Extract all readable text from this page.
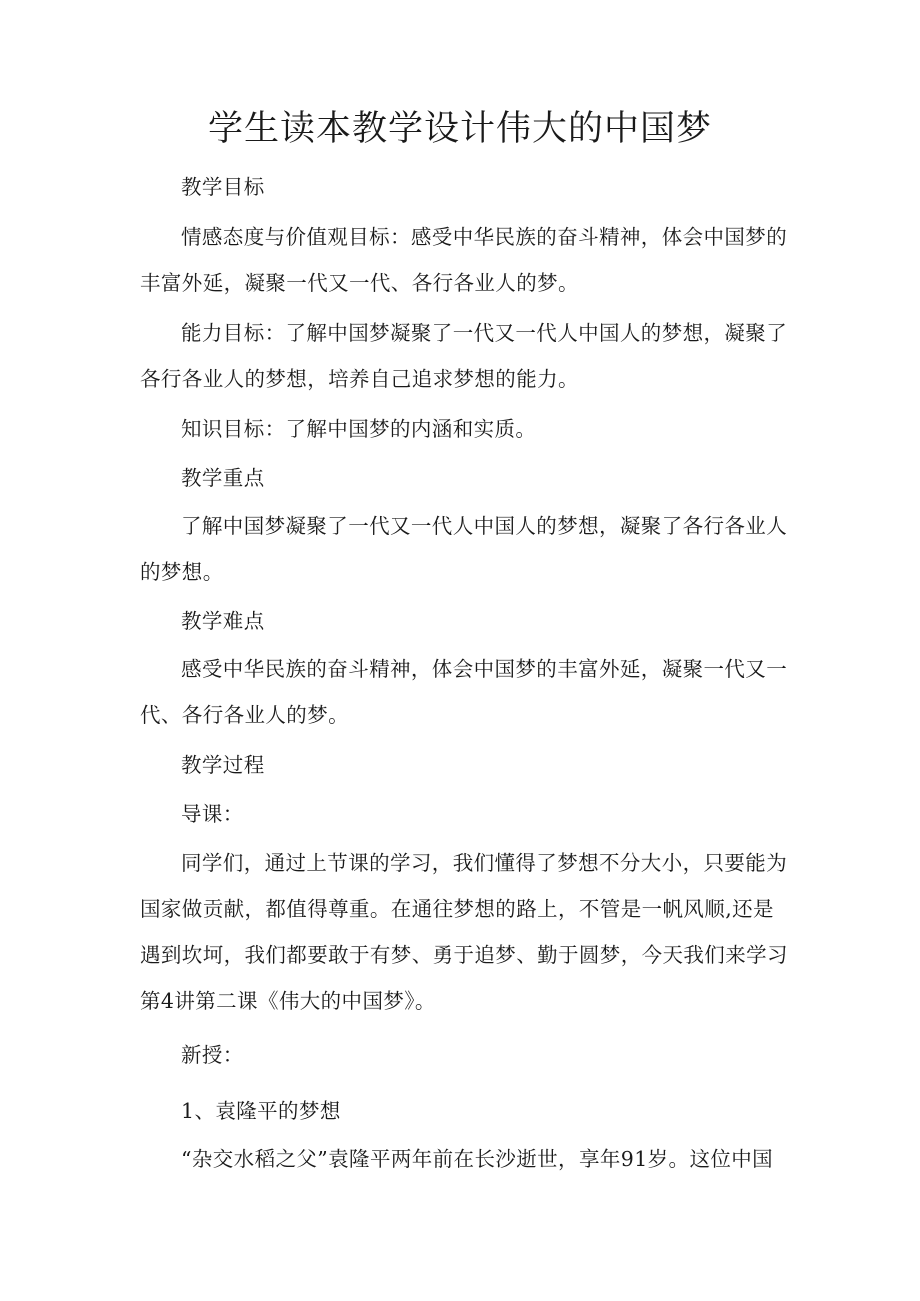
学生读本教学设计伟大的中国梦

教学目标

情感态度与价值观目标：感受中华民族的奋斗精神，体会中国梦的丰富外延，凝聚一代又一代、各行各业人的梦。

能力目标：了解中国梦凝聚了一代又一代人中国人的梦想，凝聚了各行各业人的梦想，培养自己追求梦想的能力。

知识目标：了解中国梦的内涵和实质。

教学重点

了解中国梦凝聚了一代又一代人中国人的梦想，凝聚了各行各业人的梦想。

教学难点

感受中华民族的奋斗精神，体会中国梦的丰富外延，凝聚一代又一代、各行各业人的梦。

教学过程

导课：

同学们，通过上节课的学习，我们懂得了梦想不分大小，只要能为国家做贡献，都值得尊重。在通往梦想的路上，不管是一帆风顺,还是遇到坎坷，我们都要敢于有梦、勇于追梦、勤于圆梦，今天我们来学习第4讲第二课《伟大的中国梦》。

新授：

1、袁隆平的梦想

“杂交水稻之父”袁隆平两年前在长沙逝世，享年91岁。这位中国
